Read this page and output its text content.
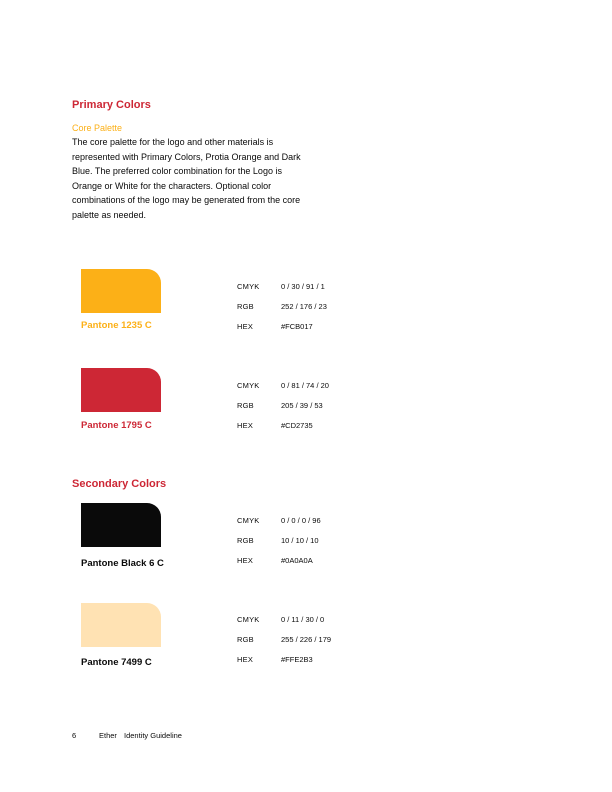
Primary Colors
Core Palette
The core palette for the logo and other materials is represented with Primary Colors, Protia Orange and Dark Blue. The preferred color combination for the Logo is Orange or White for the characters. Optional color combinations of the logo may be generated from the core palette as needed.
Pantone 1235 C
CMYK	0 / 30 / 91 / 1
RGB	252 / 176 / 23
HEX	#FCB017
Pantone 1795 C
CMYK	0 / 81 / 74 / 20
RGB	205 / 39 / 53
HEX	#CD2735
Secondary Colors
Pantone Black 6 C
CMYK	0 / 0 / 0 / 96
RGB	10 / 10 / 10
HEX	#0A0A0A
Pantone 7499 C
CMYK	0 / 11 / 30 / 0
RGB	255 / 226 / 179
HEX	#FFE2B3
6	Ether Identity Guideline
